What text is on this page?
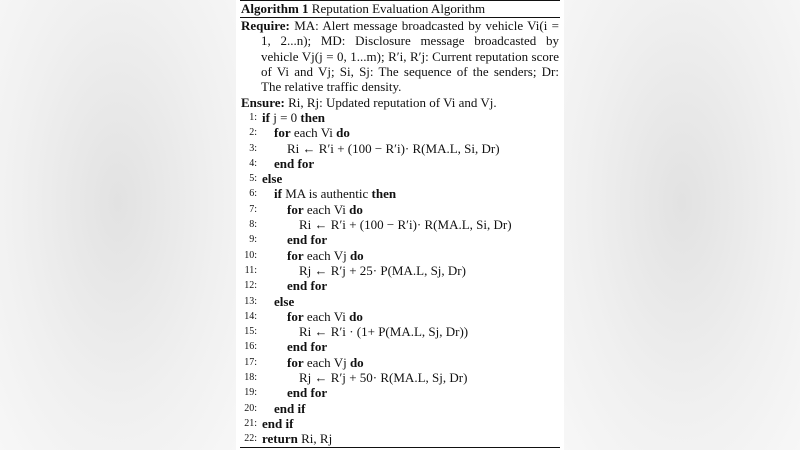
Algorithm 1 Reputation Evaluation Algorithm
Require: MA: Alert message broadcasted by vehicle Vi(i = 1, 2...n); MD: Disclosure message broadcasted by vehicle Vj(j = 0, 1...m); R′i, R′j: Current reputation score of Vi and Vj; Si, Sj: The sequence of the senders; Dr: The relative traffic density.
Ensure: Ri, Rj: Updated reputation of Vi and Vj.
1: if j = 0 then
2:	for each Vi do
3:	Ri ← R′i + (100 − R′i)· R(MA.L, Si, Dr)
4:	end for
5: else
6:	if MA is authentic then
7:	for each Vi do
8:	Ri ← R′i + (100 − R′i)· R(MA.L, Si, Dr)
9:	end for
10:	for each Vj do
11:	Rj ← R′j + 25· P(MA.L, Sj, Dr)
12:	end for
13:	else
14:	for each Vi do
15:	Ri ← R′i · (1+ P(MA.L, Sj, Dr))
16:	end for
17:	for each Vj do
18:	Rj ← R′j + 50· R(MA.L, Sj, Dr)
19:	end for
20:	end if
21: end if
22: return Ri, Rj
